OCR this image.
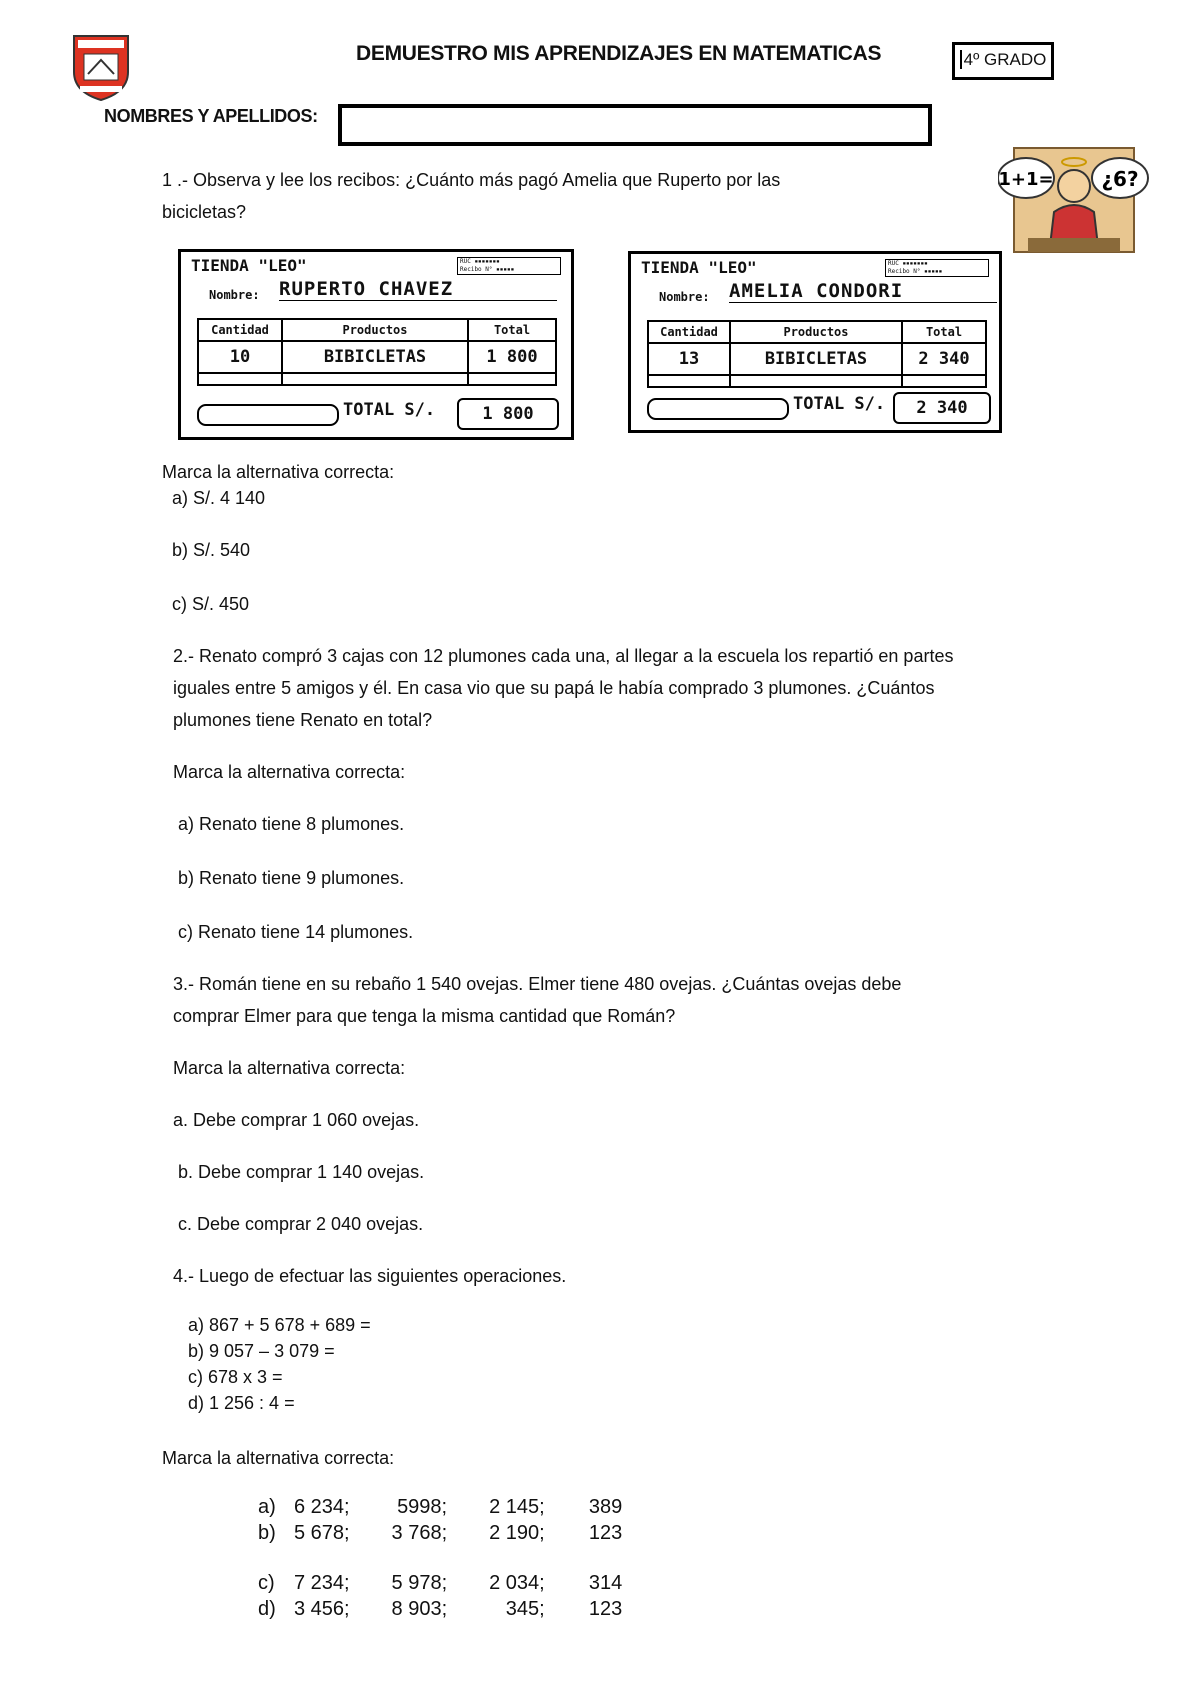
DEMUESTRO MIS APRENDIZAJES EN MATEMATICAS	4º GRADO
NOMBRES Y APELLIDOS:
1+1= ¿6?
1 .- Observa y lee los recibos: ¿Cuánto más pagó Amelia que Ruperto por las
bicicletas?
TIENDA "LEO"	RUC ▪▪▪▪▪▪▪
Recibo N° ▪▪▪▪▪
Nombre: RUPERTO CHAVEZ
Cantidad	Productos	Total
10	BIBICLETAS	1 800

TOTAL S/.	1 800
TIENDA "LEO"	RUC ▪▪▪▪▪▪▪
Recibo N° ▪▪▪▪▪
Nombre: AMELIA CONDORI
Cantidad	Productos	Total
13	BIBICLETAS	2 340

TOTAL S/.	2 340
Marca la alternativa correcta:
a) S/. 4 140
b) S/. 540
c) S/. 450
2.- Renato compró 3 cajas con 12 plumones cada una, al llegar a la escuela los repartió en partes
iguales entre 5 amigos y él. En casa vio que su papá le había comprado 3 plumones. ¿Cuántos
plumones tiene Renato en total?
Marca la alternativa correcta:
a) Renato tiene 8 plumones.
b) Renato tiene 9 plumones.
c) Renato tiene 14 plumones.
3.- Román tiene en su rebaño 1 540 ovejas. Elmer tiene 480 ovejas. ¿Cuántas ovejas debe
comprar Elmer para que tenga la misma cantidad que Román?
Marca la alternativa correcta:
a. Debe comprar 1 060 ovejas.
b. Debe comprar 1 140 ovejas.
c. Debe comprar 2 040 ovejas.
4.- Luego de efectuar las siguientes operaciones.
a) 867 + 5 678 + 689 =
b) 9 057 – 3 079 =
c) 678 x 3 =
d) 1 256 : 4 =
Marca la alternativa correcta:
a) 6 234; 5998; 2 145; 389
b) 5 678; 3 768; 2 190; 123
c) 7 234; 5 978; 2 034; 314
d) 3 456; 8 903;	345; 123
